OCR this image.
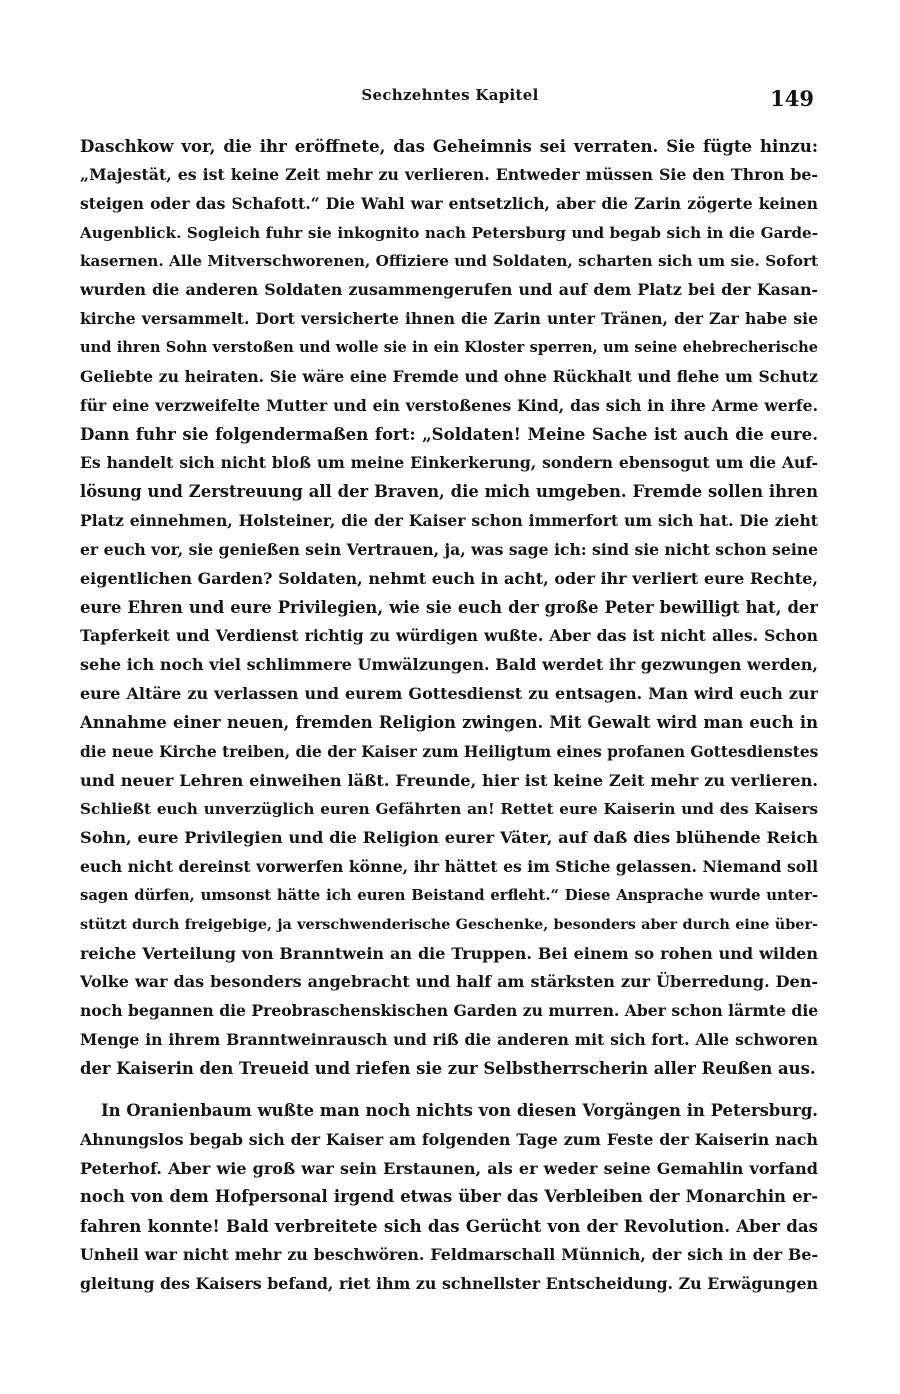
Sechzehntes Kapitel	149
Daschkow vor, die ihr eröffnete, das Geheimnis sei verraten. Sie fügte hinzu:
„Majestät, es ist keine Zeit mehr zu verlieren. Entweder müssen Sie den Thron be-
steigen oder das Schafott.“ Die Wahl war entsetzlich, aber die Zarin zögerte keinen
Augenblick. Sogleich fuhr sie inkognito nach Petersburg und begab sich in die Garde-
kasernen. Alle Mitverschworenen, Offiziere und Soldaten, scharten sich um sie. Sofort
wurden die anderen Soldaten zusammengerufen und auf dem Platz bei der Kasan-
kirche versammelt. Dort versicherte ihnen die Zarin unter Tränen, der Zar habe sie
und ihren Sohn verstoßen und wolle sie in ein Kloster sperren, um seine ehebrecherische
Geliebte zu heiraten. Sie wäre eine Fremde und ohne Rückhalt und flehe um Schutz
für eine verzweifelte Mutter und ein verstoßenes Kind, das sich in ihre Arme werfe.
Dann fuhr sie folgendermaßen fort: „Soldaten! Meine Sache ist auch die eure.
Es handelt sich nicht bloß um meine Einkerkerung, sondern ebensogut um die Auf-
lösung und Zerstreuung all der Braven, die mich umgeben. Fremde sollen ihren
Platz einnehmen, Holsteiner, die der Kaiser schon immerfort um sich hat. Die zieht
er euch vor, sie genießen sein Vertrauen, ja, was sage ich: sind sie nicht schon seine
eigentlichen Garden? Soldaten, nehmt euch in acht, oder ihr verliert eure Rechte,
eure Ehren und eure Privilegien, wie sie euch der große Peter bewilligt hat, der
Tapferkeit und Verdienst richtig zu würdigen wußte. Aber das ist nicht alles. Schon
sehe ich noch viel schlimmere Umwälzungen. Bald werdet ihr gezwungen werden,
eure Altäre zu verlassen und eurem Gottesdienst zu entsagen. Man wird euch zur
Annahme einer neuen, fremden Religion zwingen. Mit Gewalt wird man euch in
die neue Kirche treiben, die der Kaiser zum Heiligtum eines profanen Gottesdienstes
und neuer Lehren einweihen läßt. Freunde, hier ist keine Zeit mehr zu verlieren.
Schließt euch unverzüglich euren Gefährten an! Rettet eure Kaiserin und des Kaisers
Sohn, eure Privilegien und die Religion eurer Väter, auf daß dies blühende Reich
euch nicht dereinst vorwerfen könne, ihr hättet es im Stiche gelassen. Niemand soll
sagen dürfen, umsonst hätte ich euren Beistand erfleht.“ Diese Ansprache wurde unter-
stützt durch freigebige, ja verschwenderische Geschenke, besonders aber durch eine über-
reiche Verteilung von Branntwein an die Truppen. Bei einem so rohen und wilden
Volke war das besonders angebracht und half am stärksten zur Überredung. Den-
noch begannen die Preobraschenskischen Garden zu murren. Aber schon lärmte die
Menge in ihrem Branntweinrausch und riß die anderen mit sich fort. Alle schworen
der Kaiserin den Treueid und riefen sie zur Selbstherrscherin aller Reußen aus.
In Oranienbaum wußte man noch nichts von diesen Vorgängen in Petersburg.
Ahnungslos begab sich der Kaiser am folgenden Tage zum Feste der Kaiserin nach
Peterhof. Aber wie groß war sein Erstaunen, als er weder seine Gemahlin vorfand
noch von dem Hofpersonal irgend etwas über das Verbleiben der Monarchin er-
fahren konnte! Bald verbreitete sich das Gerücht von der Revolution. Aber das
Unheil war nicht mehr zu beschwören. Feldmarschall Münnich, der sich in der Be-
gleitung des Kaisers befand, riet ihm zu schnellster Entscheidung. Zu Erwägungen
